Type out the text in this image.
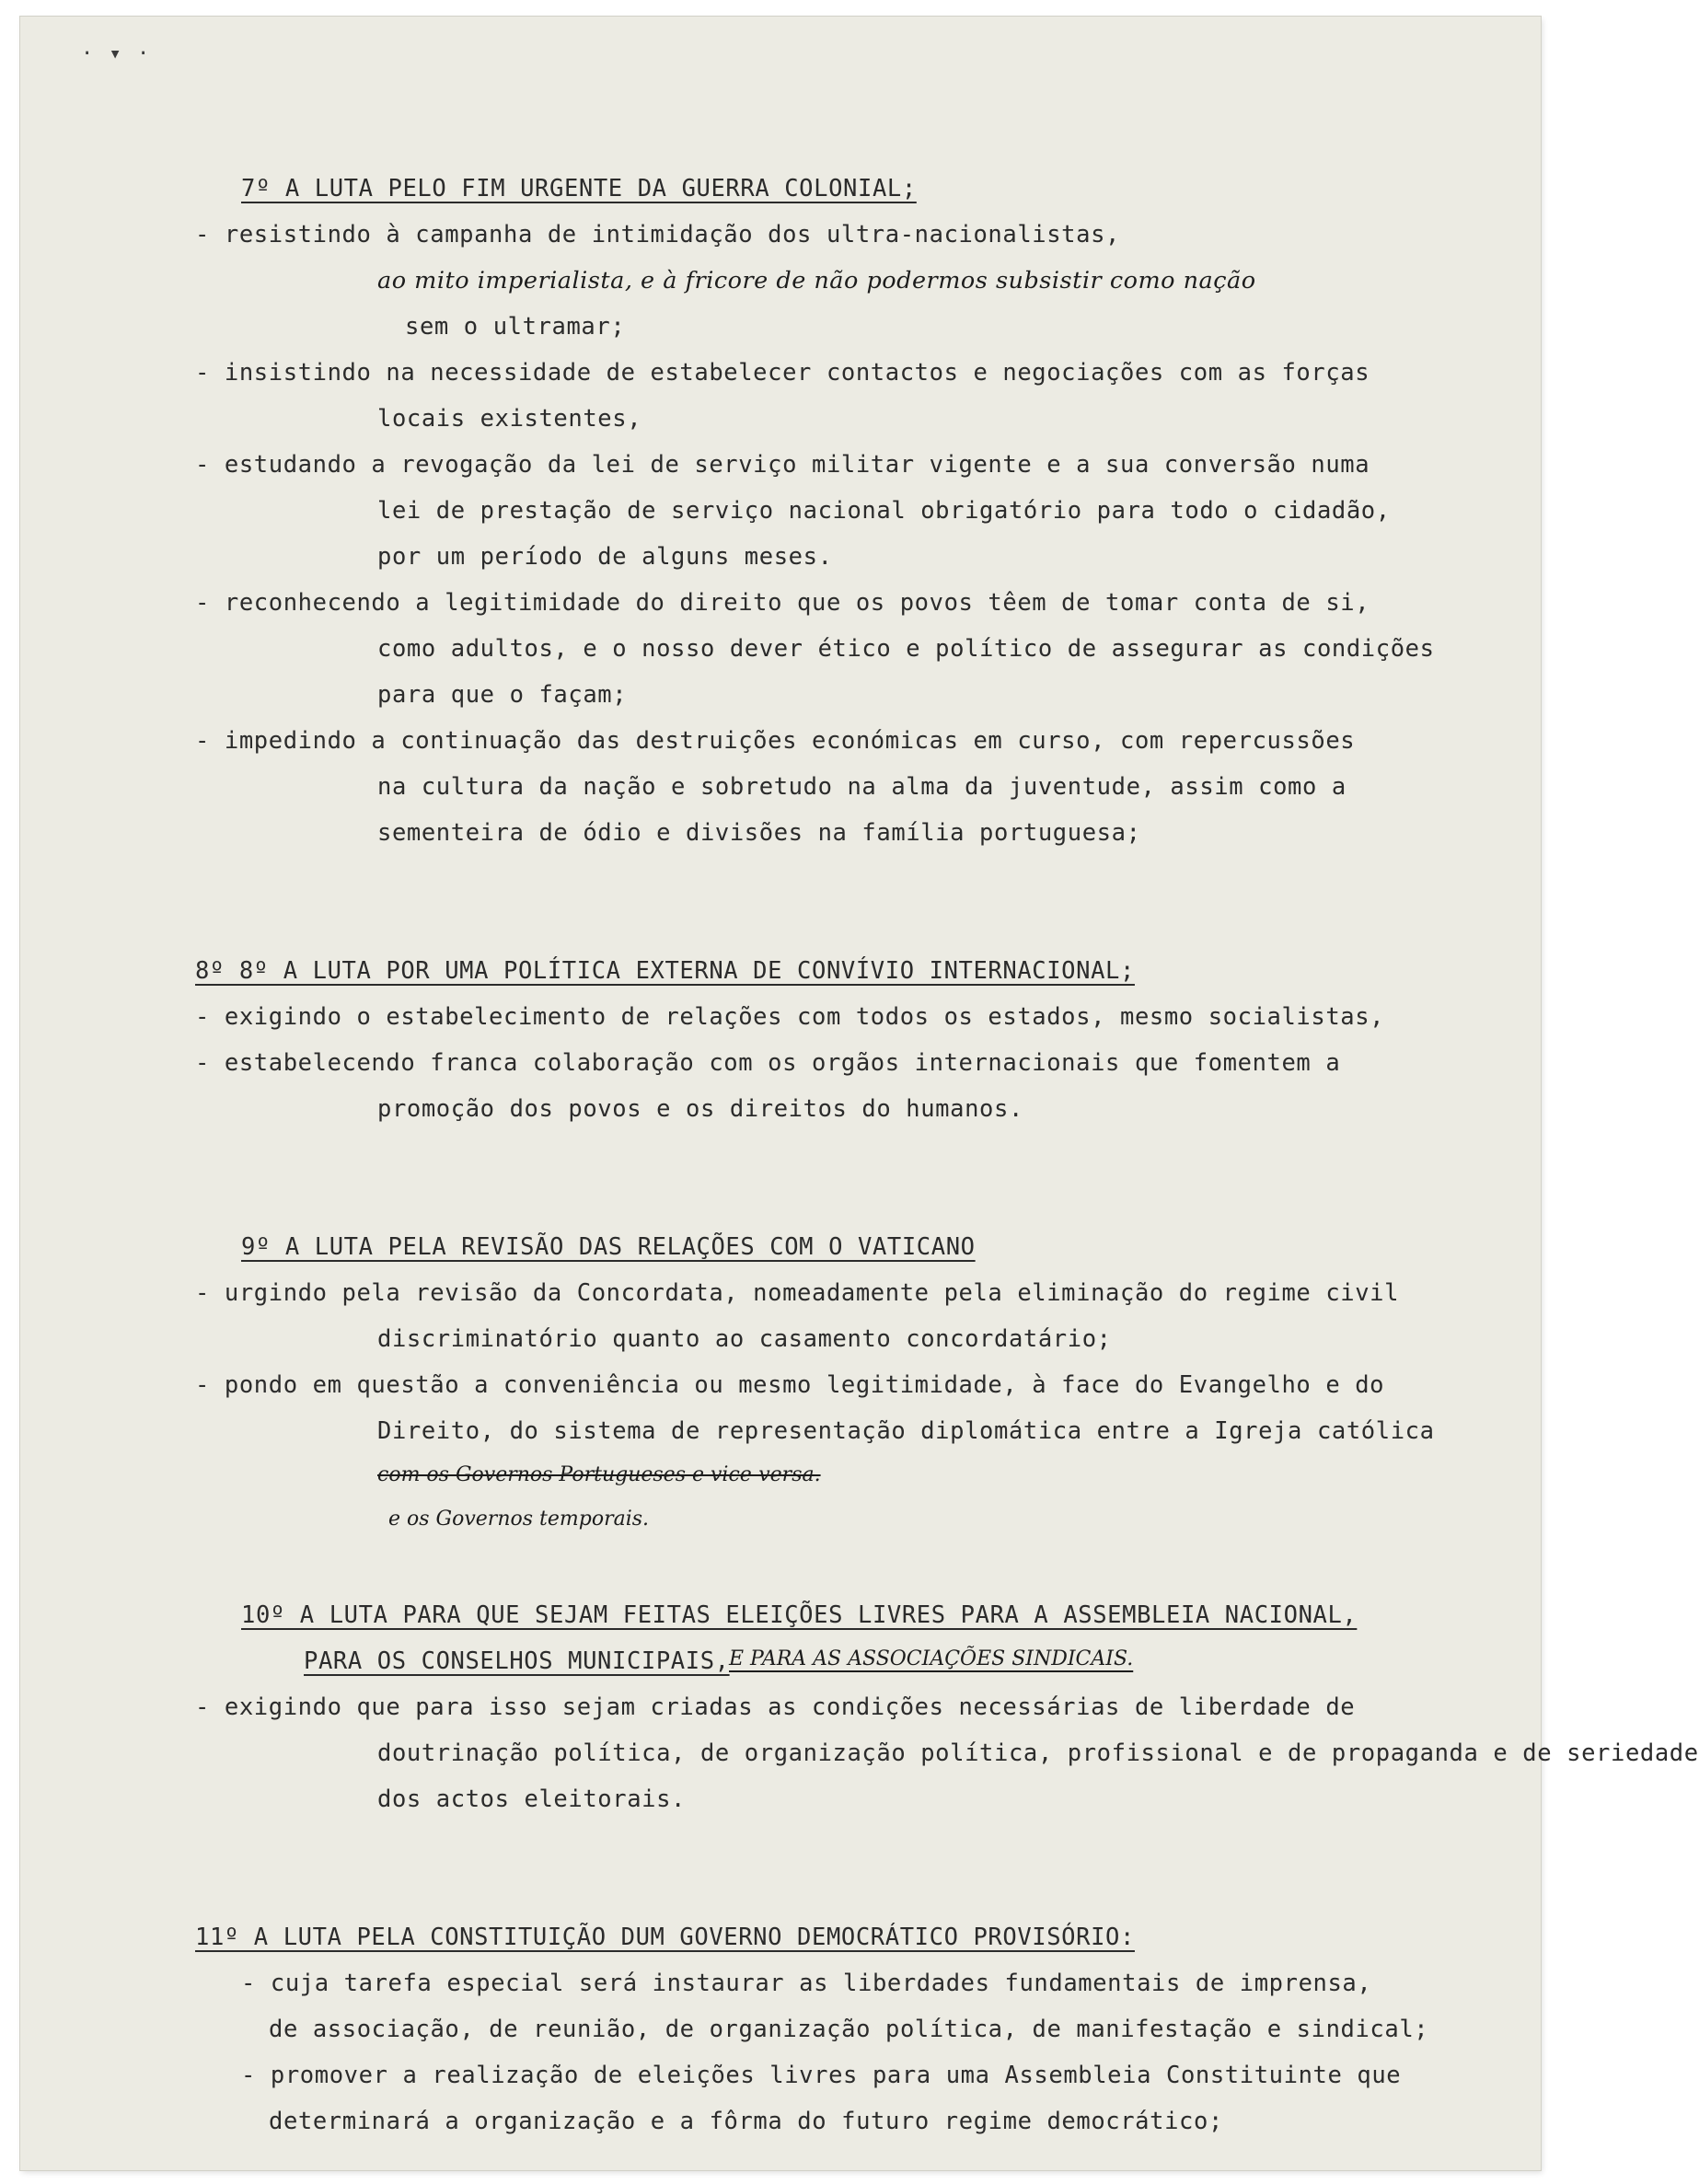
· ▾ ·
7º A LUTA PELO FIM URGENTE DA GUERRA COLONIAL;
- resistindo à campanha de intimidação dos ultra-nacionalistas,
ao mito imperialista, e à fricore de não podermos subsistir como nação
sem o ultramar;
- insistindo na necessidade de estabelecer contactos e negociações com as forças
locais existentes,
- estudando a revogação da lei de serviço militar vigente e a sua conversão numa
lei de prestação de serviço nacional obrigatório para todo o cidadão,
por um período de alguns meses.
- reconhecendo a legitimidade do direito que os povos têem de tomar conta de si,
como adultos, e o nosso dever ético e político de assegurar as condições
para que o façam;
- impedindo a continuação das destruições económicas em curso, com repercussões
na cultura da nação e sobretudo na alma da juventude, assim como a
sementeira de ódio e divisões na família portuguesa;
8º 8º A LUTA POR UMA POLÍTICA EXTERNA DE CONVÍVIO INTERNACIONAL;
- exigindo o estabelecimento de relações com todos os estados, mesmo socialistas,
- estabelecendo franca colaboração com os orgãos internacionais que fomentem a
promoção dos povos e os direitos do humanos.
9º A LUTA PELA REVISÃO DAS RELAÇÕES COM O VATICANO
- urgindo pela revisão da Concordata, nomeadamente pela eliminação do regime civil
discriminatório quanto ao casamento concordatário;
- pondo em questão a conveniência ou mesmo legitimidade, à face do Evangelho e do
Direito, do sistema de representação diplomática entre a Igreja católica
com os Governos Portugueses e vice-versa.
e os Governos temporais.
10º A LUTA PARA QUE SEJAM FEITAS ELEIÇÕES LIVRES PARA A ASSEMBLEIA NACIONAL,
PARA OS CONSELHOS MUNICIPAIS, E PARA AS ASSOCIAÇÕES SINDICAIS.
- exigindo que para isso sejam criadas as condições necessárias de liberdade de
doutrinação política, de organização política, profissional e de propaganda e de seriedade
dos actos eleitorais.
11º A LUTA PELA CONSTITUIÇÃO DUM GOVERNO DEMOCRÁTICO PROVISÓRIO:
- cuja tarefa especial será instaurar as liberdades fundamentais de imprensa,
de associação, de reunião, de organização política, de manifestação e sindical;
- promover a realização de eleições livres para uma Assembleia Constituinte que
determinará a organização e a fôrma do futuro regime democrático;
